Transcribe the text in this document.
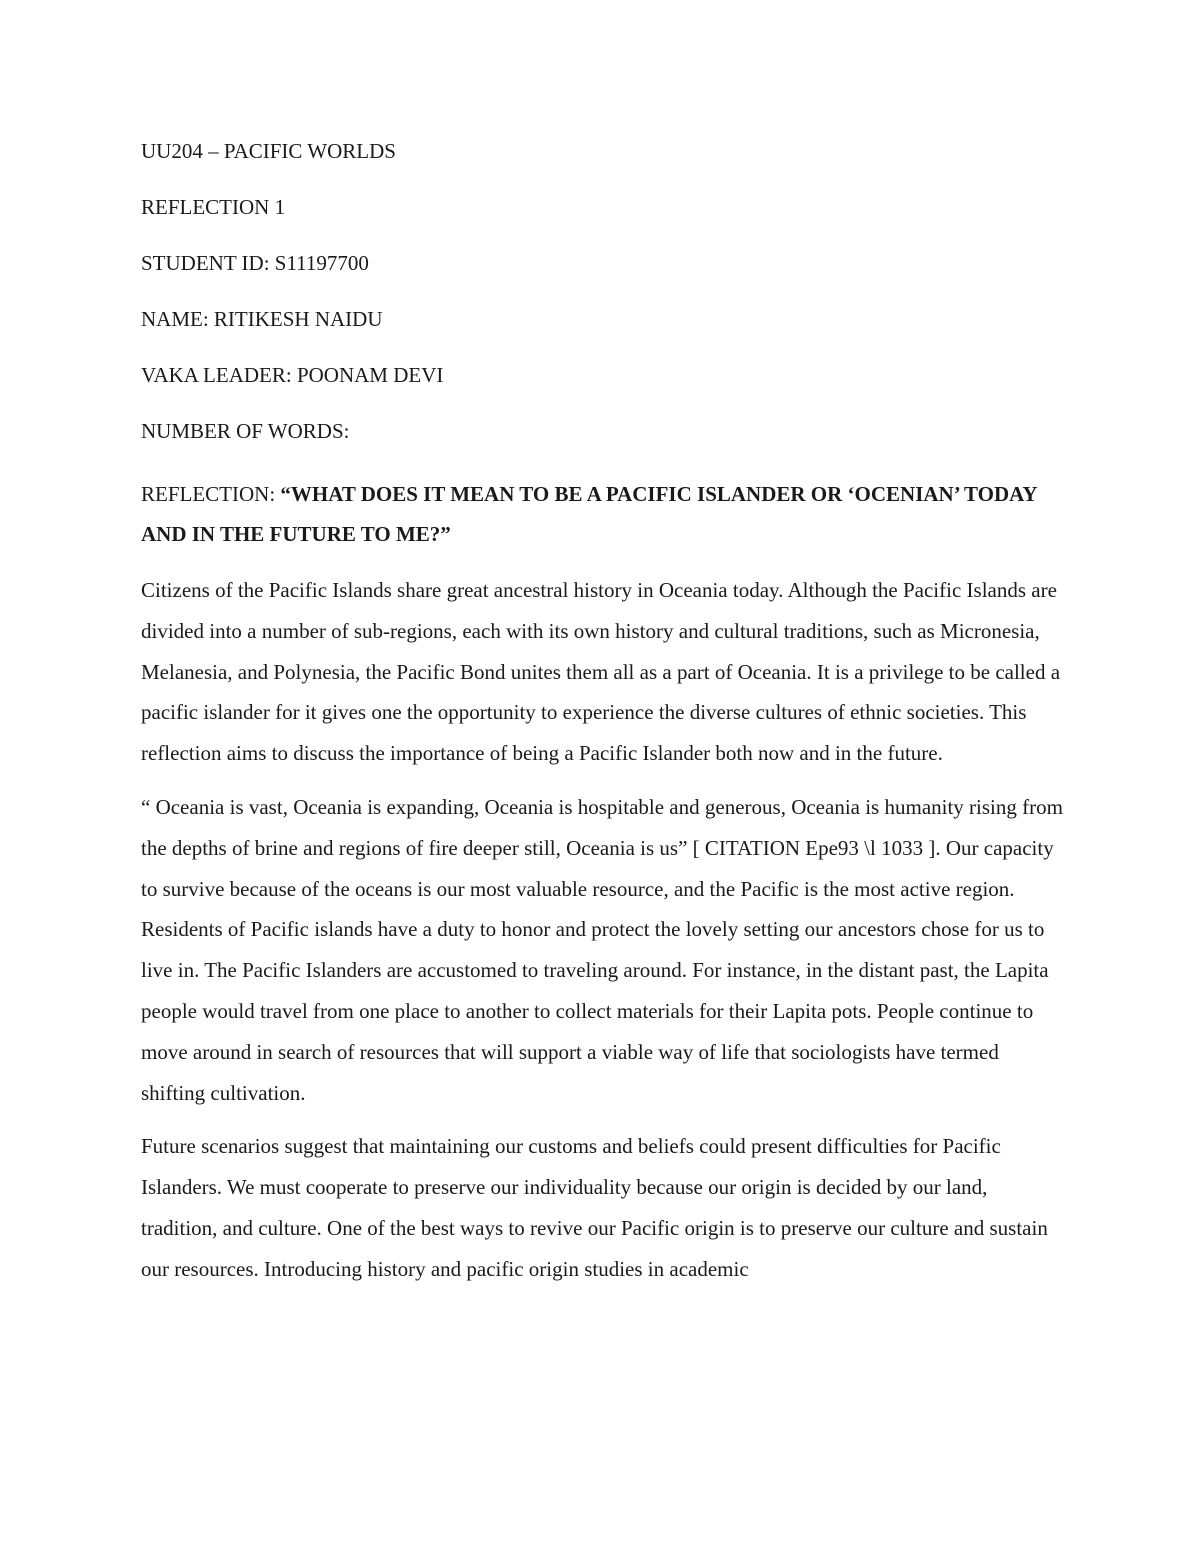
UU204 – PACIFIC WORLDS
REFLECTION 1
STUDENT ID: S11197700
NAME: RITIKESH NAIDU
VAKA LEADER: POONAM DEVI
NUMBER OF WORDS:
REFLECTION: “WHAT DOES IT MEAN TO BE A PACIFIC ISLANDER OR ‘OCENIAN’ TODAY AND IN THE FUTURE TO ME?”

Citizens of the Pacific Islands share great ancestral history in Oceania today. Although the Pacific Islands are divided into a number of sub-regions, each with its own history and cultural traditions, such as Micronesia, Melanesia, and Polynesia, the Pacific Bond unites them all as a part of Oceania. It is a privilege to be called a pacific islander for it gives one the opportunity to experience the diverse cultures of ethnic societies. This reflection aims to discuss the importance of being a Pacific Islander both now and in the future.

“ Oceania is vast, Oceania is expanding, Oceania is hospitable and generous, Oceania is humanity rising from the depths of brine and regions of fire deeper still, Oceania is us” [ CITATION Epe93 \l 1033 ]. Our capacity to survive because of the oceans is our most valuable resource, and the Pacific is the most active region. Residents of Pacific islands have a duty to honor and protect the lovely setting our ancestors chose for us to live in. The Pacific Islanders are accustomed to traveling around. For instance, in the distant past, the Lapita people would travel from one place to another to collect materials for their Lapita pots. People continue to move around in search of resources that will support a viable way of life that sociologists have termed shifting cultivation.

Future scenarios suggest that maintaining our customs and beliefs could present difficulties for Pacific Islanders. We must cooperate to preserve our individuality because our origin is decided by our land, tradition, and culture. One of the best ways to revive our Pacific origin is to preserve our culture and sustain our resources. Introducing history and pacific origin studies in academic
